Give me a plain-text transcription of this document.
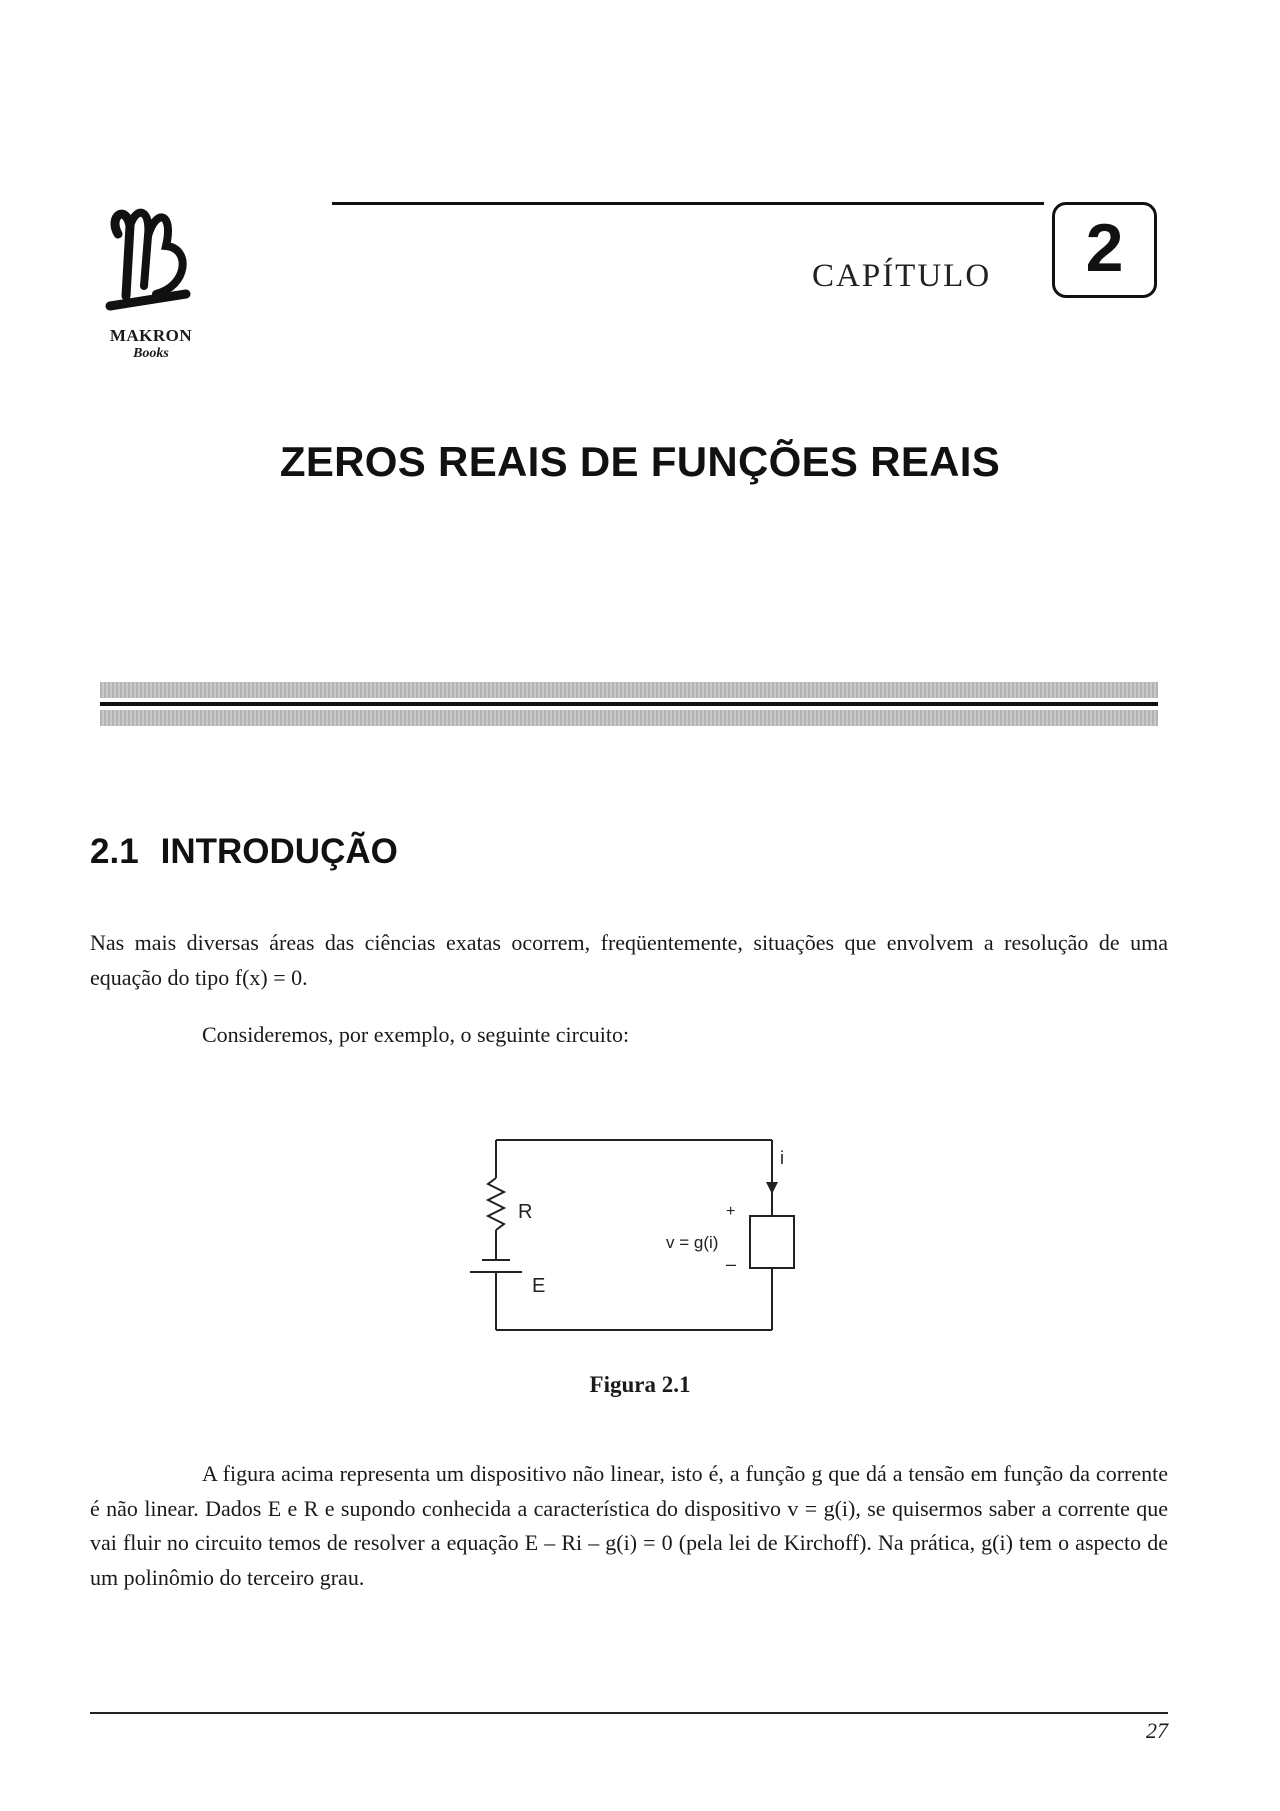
MAKRON
Books
CAPÍTULO	2
ZEROS REAIS DE FUNÇÕES REAIS
2.1 INTRODUÇÃO
Nas mais diversas áreas das ciências exatas ocorrem, freqüentemente, situações que envolvem a resolução de uma equação do tipo f(x) = 0.
Consideremos, por exemplo, o seguinte circuito:
R
E
i
+
–
v = g(i)
Figura 2.1
A figura acima representa um dispositivo não linear, isto é, a função g que dá a tensão em função da corrente é não linear. Dados E e R e supondo conhecida a característica do dispositivo v = g(i), se quisermos saber a corrente que vai fluir no circuito temos de resolver a equação E – Ri – g(i) = 0 (pela lei de Kirchoff). Na prática, g(i) tem o aspecto de um polinômio do terceiro grau.
27
